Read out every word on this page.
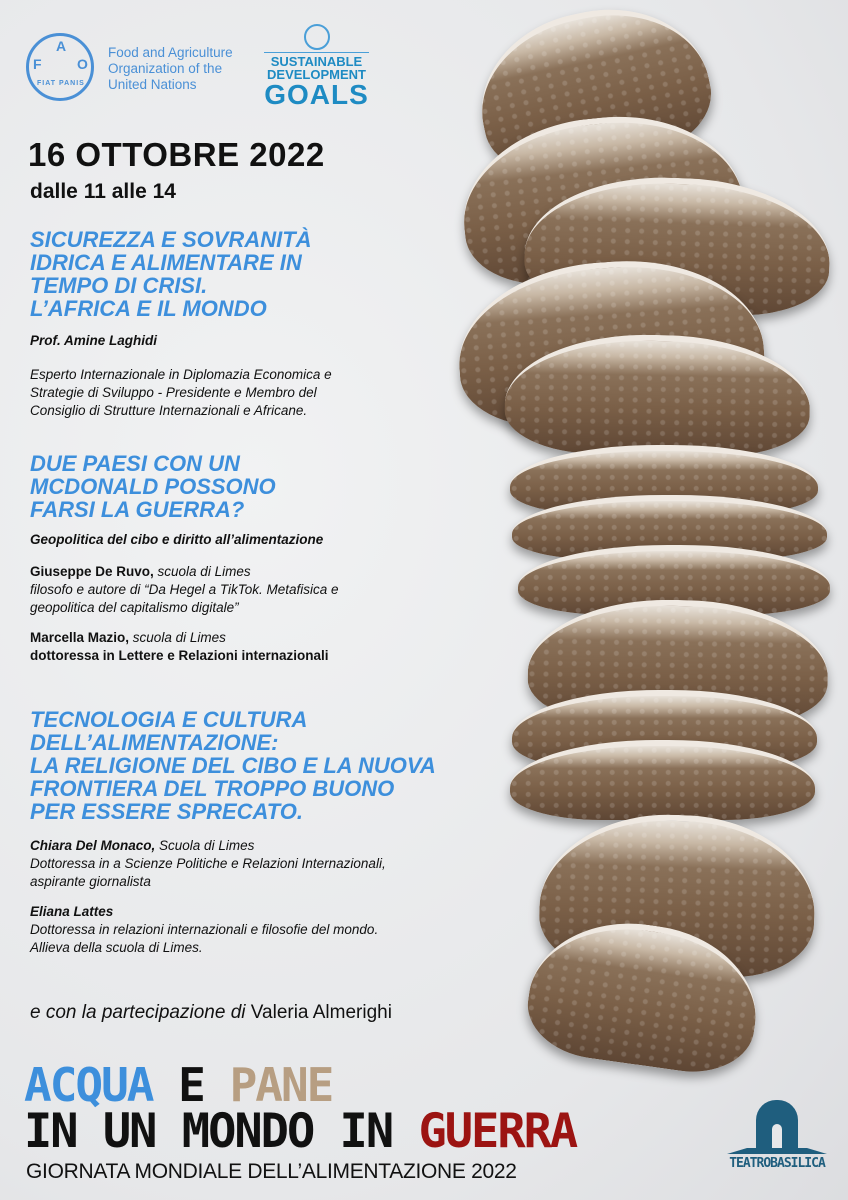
F
A
O
FIAT PANIS
Food and Agriculture
Organization of the
United Nations
SUSTAINABLE
DEVELOPMENT
GOALS
16 OTTOBRE 2022
dalle 11 alle 14
SICUREZZA E SOVRANITÀ
IDRICA E ALIMENTARE IN
TEMPO DI CRISI.
L’AFRICA E IL MONDO
Prof. Amine Laghidi
Esperto Internazionale in Diplomazia Economica e
Strategie di Sviluppo - Presidente e Membro del
Consiglio di Strutture Internazionali e Africane.
DUE PAESI CON UN
MCDONALD POSSONO
FARSI LA GUERRA?
Geopolitica del cibo e diritto all’alimentazione
Giuseppe De Ruvo, scuola di Limes
filosofo e autore di “Da Hegel a TikTok. Metafisica e
geopolitica del capitalismo digitale”
Marcella Mazio, scuola di Limes
dottoressa in Lettere e Relazioni internazionali
TECNOLOGIA E CULTURA
DELL’ALIMENTAZIONE:
LA RELIGIONE DEL CIBO E LA NUOVA
FRONTIERA DEL TROPPO BUONO
PER ESSERE SPRECATO.
Chiara Del Monaco, Scuola di Limes
Dottoressa in a Scienze Politiche e Relazioni Internazionali,
aspirante giornalista
Eliana Lattes
Dottoressa in relazioni internazionali e filosofie del mondo.
Allieva della scuola di Limes.
e con la partecipazione di Valeria Almerighi
ACQUA E PANE
IN UN MONDO IN GUERRA
GIORNATA MONDIALE DELL’ALIMENTAZIONE 2022	TEATROBASILICA
